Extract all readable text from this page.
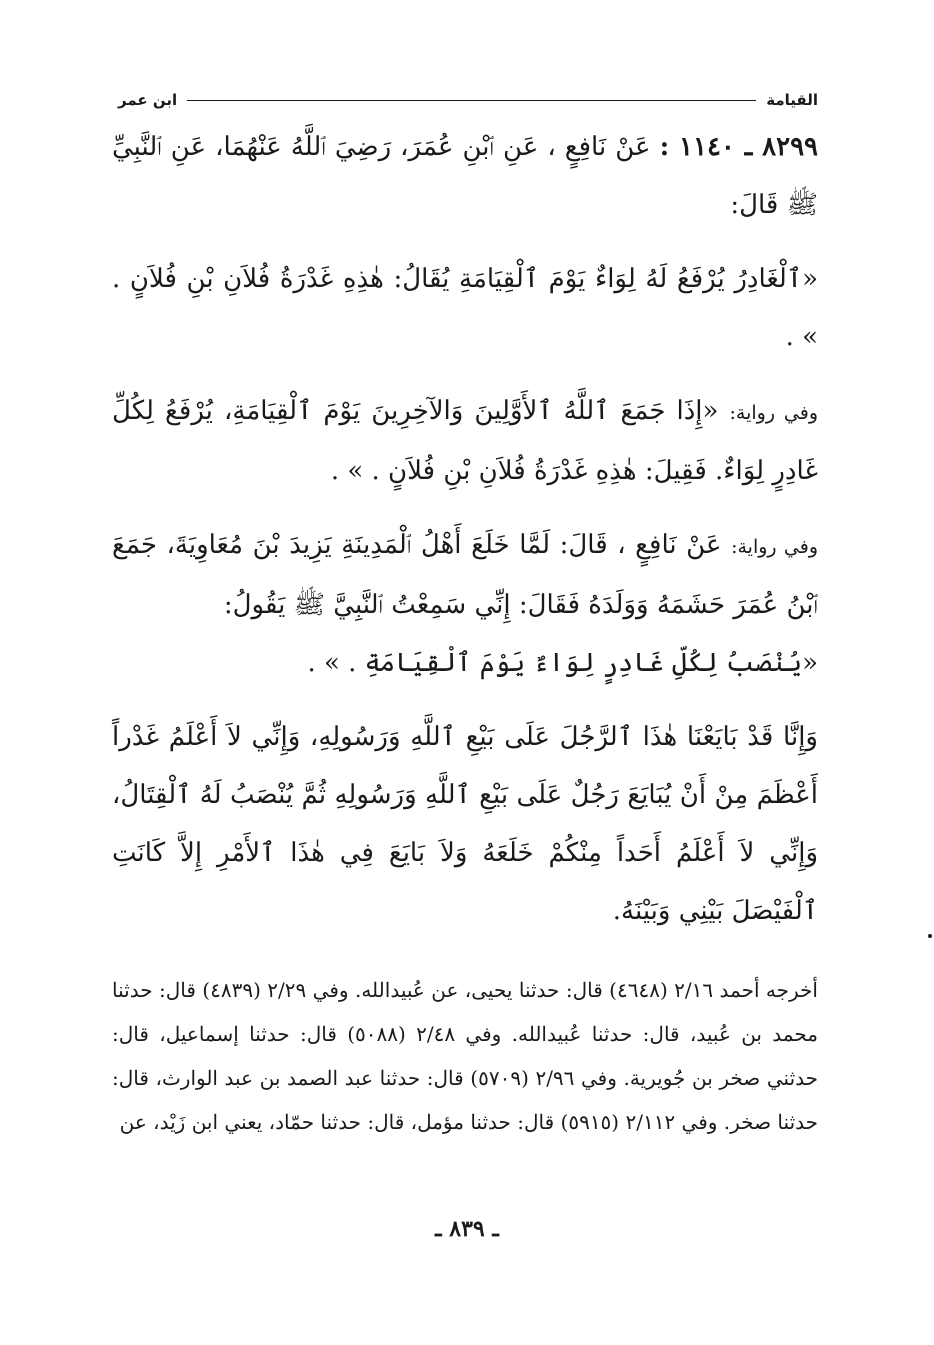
القيامة
ابن عمر

٨٢٩٩ ـ ١١٤٠ : عَنْ نَافِعٍ ، عَنِ ٱبْنِ عُمَرَ، رَضِيَ ٱللَّهُ عَنْهُمَا، عَنِ ٱلنَّبِيِّ ﷺ قَالَ:

«ٱلْغَادِرُ يُرْفَعُ لَهُ لِوَاءٌ يَوْمَ ٱلْقِيَامَةِ يُقَالُ: هٰذِهِ غَدْرَةُ فُلاَنِ بْنِ فُلاَنٍ . » .

وفي رواية: «إِذَا جَمَعَ ٱللَّهُ ٱلأَوَّلِينَ وَالآخِرِينَ يَوْمَ ٱلْقِيَامَةِ، يُرْفَعُ لِكُلِّ غَادِرٍ لِوَاءٌ. فَقِيلَ: هٰذِهِ غَدْرَةُ فُلاَنِ بْنِ فُلاَنٍ . » .

وفي رواية: عَنْ نَافِعٍ ، قَالَ: لَمَّا خَلَعَ أَهْلُ ٱلْمَدِينَةِ يَزِيدَ بْنَ مُعَاوِيَةَ، جَمَعَ ٱبْنُ عُمَرَ حَشَمَهُ وَوَلَدَهُ فَقَالَ: إِنِّي سَمِعْتُ ٱلنَّبِيَّ ﷺ يَقُولُ:

«يُنْصَبُ لِكُلِّ غَادِرٍ لِوَاءٌ يَوْمَ ٱلْقِيَامَةِ . » .

وَإِنَّا قَدْ بَايَعْنَا هٰذَا ٱلرَّجُلَ عَلَى بَيْعِ ٱللَّهِ وَرَسُولِهِ، وَإِنِّي لاَ أَعْلَمُ غَدْراً أَعْظَمَ مِنْ أَنْ يُبَايَعَ رَجُلٌ عَلَى بَيْعِ ٱللَّهِ وَرَسُولِهِ ثُمَّ يُنْصَبُ لَهُ ٱلْقِتَالُ، وَإِنِّي لاَ أَعْلَمُ أَحَداً مِنْكُمْ خَلَعَهُ وَلاَ بَايَعَ فِي هٰذَا ٱلأَمْرِ إِلاَّ كَانَتِ ٱلْفَيْصَلَ بَيْنِي وَبَيْنَهُ.

أخرجه أحمد ٢/١٦ (٤٦٤٨) قال: حدثنا يحيى، عن عُبيدالله. وفي ٢/٢٩ (٤٨٣٩) قال: حدثنا محمد بن عُبيد، قال: حدثنا عُبيدالله. وفي ٢/٤٨ (٥٠٨٨) قال: حدثنا إسماعيل، قال: حدثني صخر بن جُويرية. وفي ٢/٩٦ (٥٧٠٩) قال: حدثنا عبد الصمد بن عبد الوارث، قال: حدثنا صخر. وفي ٢/١١٢ (٥٩١٥) قال: حدثنا مؤمل، قال: حدثنا حمّاد، يعني ابن زَيْد، عن

ـ ٨٣٩ ـ
